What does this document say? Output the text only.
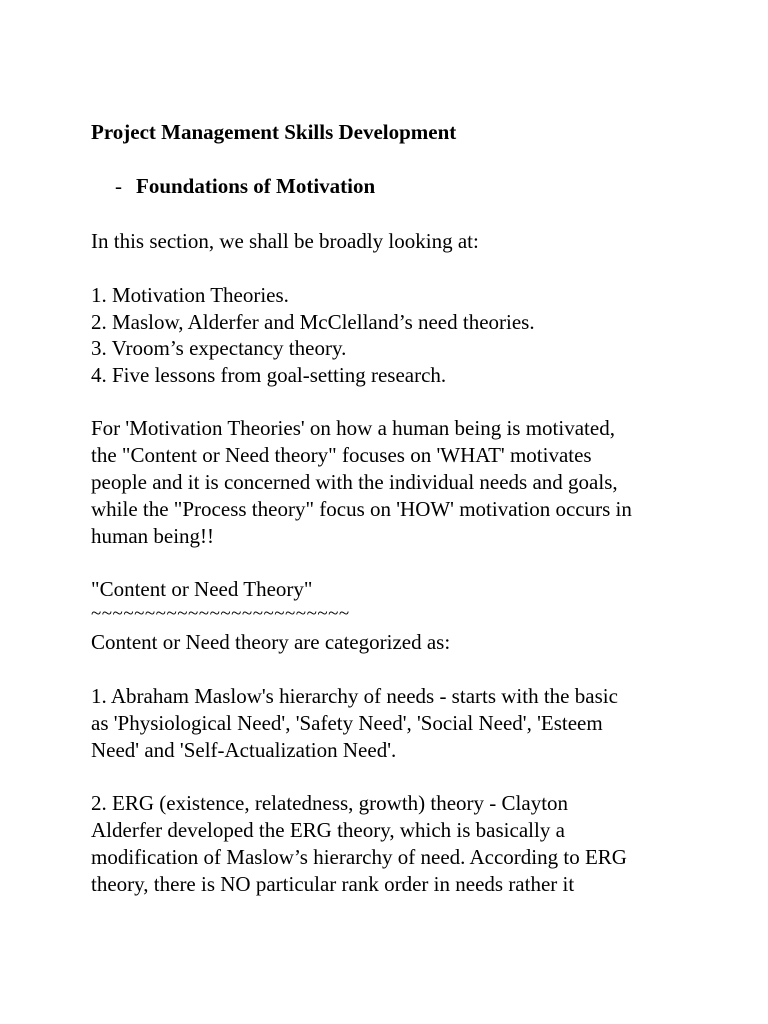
Project Management Skills Development
- Foundations of Motivation
In this section, we shall be broadly looking at:
1. Motivation Theories.
2. Maslow, Alderfer and McClelland’s need theories.
3. Vroom’s expectancy theory.
4. Five lessons from goal-setting research.
For 'Motivation Theories' on how a human being is motivated,
the "Content or Need theory" focuses on 'WHAT' motivates
people and it is concerned with the individual needs and goals,
while the "Process theory" focus on 'HOW' motivation occurs in
human being!!
"Content or Need Theory"
~~~~~~~~~~~~~~~~~~~~~~~~
Content or Need theory are categorized as:
1. Abraham Maslow's hierarchy of needs - starts with the basic
as 'Physiological Need', 'Safety Need', 'Social Need', 'Esteem
Need' and 'Self-Actualization Need'.
2. ERG (existence, relatedness, growth) theory - Clayton
Alderfer developed the ERG theory, which is basically a
modification of Maslow’s hierarchy of need. According to ERG
theory, there is NO particular rank order in needs rather it
